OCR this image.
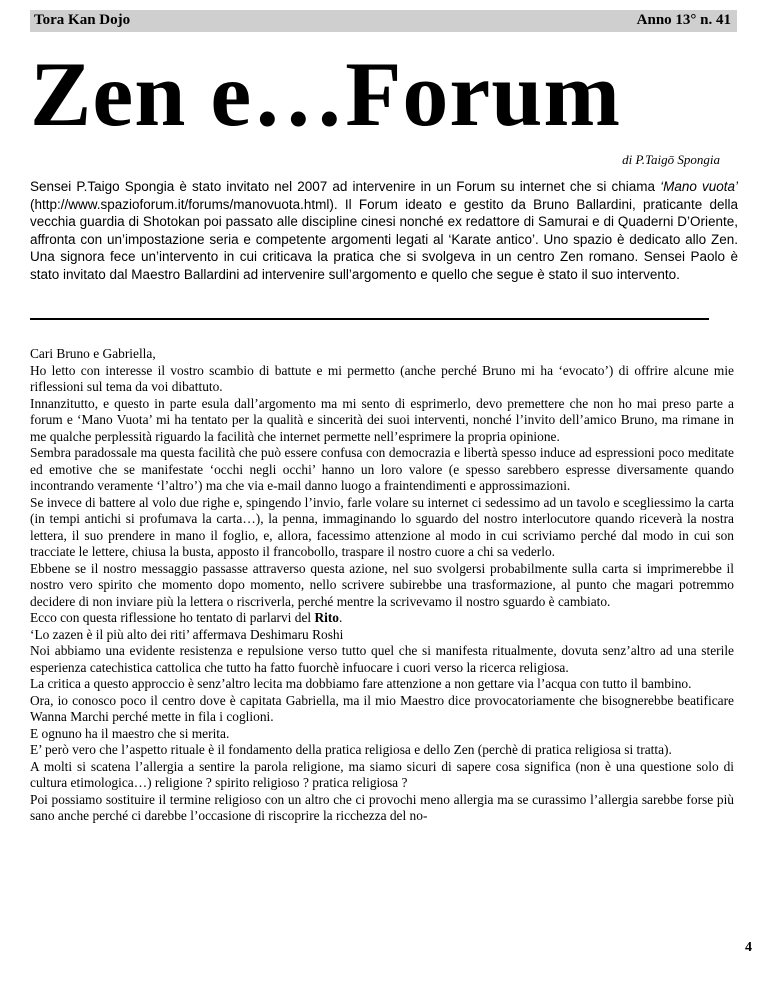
Tora Kan Dojo	Anno 13° n. 41
Zen e…Forum
di P.Taigō Spongia
Sensei P.Taigo Spongia è stato invitato nel 2007 ad intervenire in un Forum su internet che si chiama ‘Mano vuota’ (http://www.spazioforum.it/forums/manovuota.html). Il Forum ideato e gestito da Bruno Ballardini, praticante della vecchia guardia di Shotokan poi passato alle discipline cinesi nonché ex redattore di Samurai e di Quaderni D’Oriente, affronta con un’impostazione seria e competente argomenti legati al ‘Karate antico’. Uno spazio è dedicato allo Zen. Una signora fece un’intervento in cui criticava la pratica che si svolgeva in un centro Zen romano. Sensei Paolo è stato invitato dal Maestro Ballardini ad intervenire sull’argomento e quello che segue è stato il suo intervento.

Cari Bruno e Gabriella,

Ho letto con interesse il vostro scambio di battute e mi permetto (anche perché Bruno mi ha ‘evocato’) di offrire alcune mie riflessioni sul tema da voi dibattuto.

Innanzitutto, e questo in parte esula dall’argomento ma mi sento di esprimerlo, devo premettere che non ho mai preso parte a forum e ‘Mano Vuota’ mi ha tentato per la qualità e sincerità dei suoi interventi, nonché l’invito dell’amico Bruno, ma rimane in me qualche perplessità riguardo la facilità che internet permette nell’esprimere la propria opinione.

Sembra paradossale ma questa facilità che può essere confusa con democrazia e libertà spesso induce ad espressioni poco meditate ed emotive che se manifestate ‘occhi negli occhi’ hanno un loro valore (e spesso sarebbero espresse diversamente quando incontrando veramente ‘l’altro’) ma che via e-mail danno luogo a fraintendimenti e approssimazioni.

Se invece di battere al volo due righe e, spingendo l’invio, farle volare su internet ci sedessimo ad un tavolo e scegliessimo la carta (in tempi antichi si profumava la carta…), la penna, immaginando lo sguardo del nostro interlocutore quando riceverà la nostra lettera, il suo prendere in mano il foglio, e, allora, facessimo attenzione al modo in cui scriviamo perché dal modo in cui son tracciate le lettere, chiusa la busta, apposto il francobollo, traspare il nostro cuore a chi sa vederlo.

Ebbene se il nostro messaggio passasse attraverso questa azione, nel suo svolgersi probabilmente sulla carta si imprimerebbe il nostro vero spirito che momento dopo momento, nello scrivere subirebbe una trasformazione, al punto che magari potremmo decidere di non inviare più la lettera o riscriverla, perché mentre la scrivevamo il nostro sguardo è cambiato.

Ecco con questa riflessione ho tentato di parlarvi del Rito.

‘Lo zazen è il più alto dei riti’ affermava Deshimaru Roshi

Noi abbiamo una evidente resistenza e repulsione verso tutto quel che si manifesta ritualmente, dovuta senz’altro ad una sterile esperienza catechistica cattolica che tutto ha fatto fuorchè infuocare i cuori verso la ricerca religiosa.

La critica a questo approccio è senz’altro lecita ma dobbiamo fare attenzione a non gettare via l’acqua con tutto il bambino.

Ora, io conosco poco il centro dove è capitata Gabriella, ma il mio Maestro dice provocatoriamente che bisognerebbe beatificare Wanna Marchi perché mette in fila i coglioni.

E ognuno ha il maestro che si merita.

E’ però vero che l’aspetto rituale è il fondamento della pratica religiosa e dello Zen (perchè di pratica religiosa si tratta).

A molti si scatena l’allergia a sentire la parola religione, ma siamo sicuri di sapere cosa significa (non è una questione solo di cultura etimologica…) religione ? spirito religioso ? pratica religiosa ?

Poi possiamo sostituire il termine religioso con un altro che ci provochi meno allergia ma se curassimo l’allergia sarebbe forse più sano anche perché ci darebbe l’occasione di riscoprire la ricchezza del no-

4
